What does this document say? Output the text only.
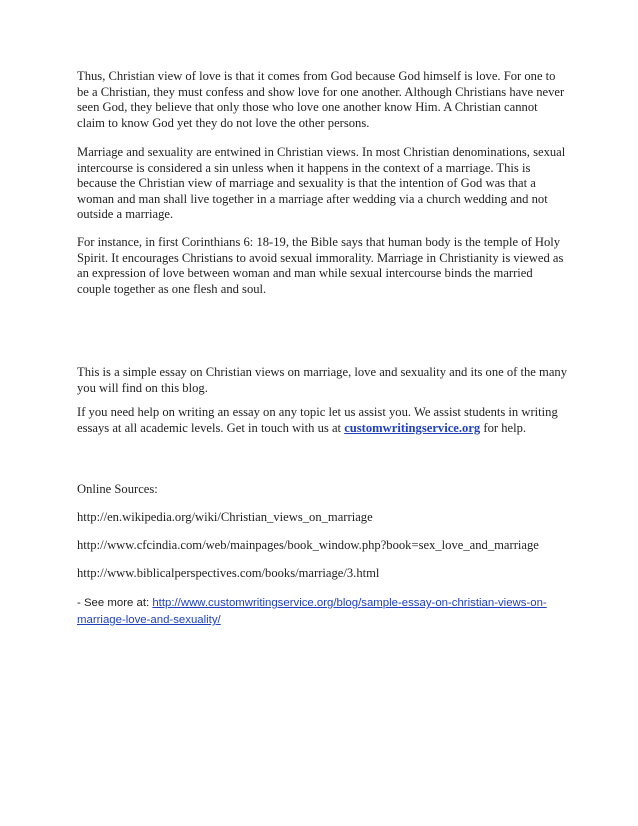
Thus, Christian view of love is that it comes from God because God himself is love. For one to
be a Christian, they must confess and show love for one another. Although Christians have never
seen God, they believe that only those who love one another know Him. A Christian cannot
claim to know God yet they do not love the other persons.

Marriage and sexuality are entwined in Christian views. In most Christian denominations, sexual
intercourse is considered a sin unless when it happens in the context of a marriage. This is
because the Christian view of marriage and sexuality is that the intention of God was that a
woman and man shall live together in a marriage after wedding via a church wedding and not
outside a marriage.

For instance, in first Corinthians 6: 18-19, the Bible says that human body is the temple of Holy
Spirit. It encourages Christians to avoid sexual immorality. Marriage in Christianity is viewed as
an expression of love between woman and man while sexual intercourse binds the married
couple together as one flesh and soul.

This is a simple essay on Christian views on marriage, love and sexuality and its one of the many
you will find on this blog.

If you need help on writing an essay on any topic let us assist you. We assist students in writing
essays at all academic levels. Get in touch with us at customwritingservice.org for help.

Online Sources:

http://en.wikipedia.org/wiki/Christian_views_on_marriage

http://www.cfcindia.com/web/mainpages/book_window.php?book=sex_love_and_marriage

http://www.biblicalperspectives.com/books/marriage/3.html

- See more at: http://www.customwritingservice.org/blog/sample-essay-on-christian-views-on-
marriage-love-and-sexuality/
